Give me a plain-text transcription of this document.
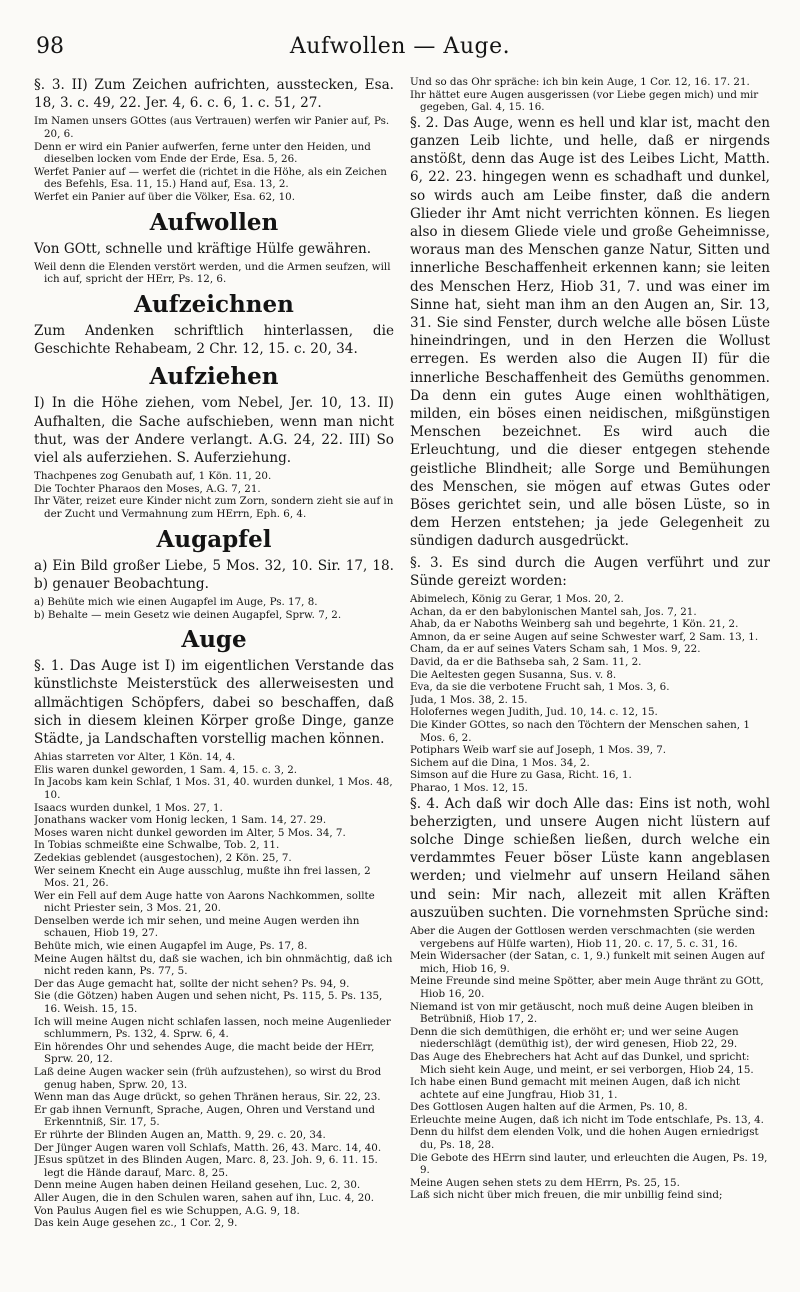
98	Aufwollen — Auge.

§. 3. II) Zum Zeichen aufrichten, ausstecken, Esa. 18, 3. c. 49, 22. Jer. 4, 6. c. 6, 1. c. 51, 27.

Im Namen unsers GOttes (aus Vertrauen) werfen wir Panier auf, Ps. 20, 6.

Denn er wird ein Panier aufwerfen, ferne unter den Heiden, und dieselben locken vom Ende der Erde, Esa. 5, 26.

Werfet Panier auf — werfet die (richtet in die Höhe, als ein Zeichen des Befehls, Esa. 11, 15.) Hand auf, Esa. 13, 2.

Werfet ein Panier auf über die Völker, Esa. 62, 10.

Aufwollen

Von GOtt, schnelle und kräftige Hülfe gewähren.

Weil denn die Elenden verstört werden, und die Armen seufzen, will ich auf, spricht der HErr, Ps. 12, 6.

Aufzeichnen

Zum Andenken schriftlich hinterlassen, die Geschichte Rehabeam, 2 Chr. 12, 15. c. 20, 34.

Aufziehen

I) In die Höhe ziehen, vom Nebel, Jer. 10, 13. II) Aufhalten, die Sache aufschieben, wenn man nicht thut, was der Andere verlangt. A.G. 24, 22. III) So viel als auferziehen. S. Auferziehung.

Thachpenes zog Genubath auf, 1 Kön. 11, 20.

Die Tochter Pharaos den Moses, A.G. 7, 21.

Ihr Väter, reizet eure Kinder nicht zum Zorn, sondern zieht sie auf in der Zucht und Vermahnung zum HErrn, Eph. 6, 4.

Augapfel

a) Ein Bild großer Liebe, 5 Mos. 32, 10. Sir. 17, 18. b) genauer Beobachtung.

a) Behüte mich wie einen Augapfel im Auge, Ps. 17, 8.

b) Behalte — mein Gesetz wie deinen Augapfel, Sprw. 7, 2.

Auge

§. 1. Das Auge ist I) im eigentlichen Verstande das künstlichste Meisterstück des allerweisesten und allmächtigen Schöpfers, dabei so beschaffen, daß sich in diesem kleinen Körper große Dinge, ganze Städte, ja Landschaften vorstellig machen können.

Ahias starreten vor Alter, 1 Kön. 14, 4.

Elis waren dunkel geworden, 1 Sam. 4, 15. c. 3, 2.

In Jacobs kam kein Schlaf, 1 Mos. 31, 40. wurden dunkel, 1 Mos. 48, 10.

Isaacs wurden dunkel, 1 Mos. 27, 1.

Jonathans wacker vom Honig lecken, 1 Sam. 14, 27. 29.

Moses waren nicht dunkel geworden im Alter, 5 Mos. 34, 7.

In Tobias schmeißte eine Schwalbe, Tob. 2, 11.

Zedekias geblendet (ausgestochen), 2 Kön. 25, 7.

Wer seinem Knecht ein Auge ausschlug, mußte ihn frei lassen, 2 Mos. 21, 26.

Wer ein Fell auf dem Auge hatte von Aarons Nachkommen, sollte nicht Priester sein, 3 Mos. 21, 20.

Denselben werde ich mir sehen, und meine Augen werden ihn schauen, Hiob 19, 27.

Behüte mich, wie einen Augapfel im Auge, Ps. 17, 8.

Meine Augen hältst du, daß sie wachen, ich bin ohnmächtig, daß ich nicht reden kann, Ps. 77, 5.

Der das Auge gemacht hat, sollte der nicht sehen? Ps. 94, 9.

Sie (die Götzen) haben Augen und sehen nicht, Ps. 115, 5. Ps. 135, 16. Weish. 15, 15.

Ich will meine Augen nicht schlafen lassen, noch meine Augenlieder schlummern, Ps. 132, 4. Sprw. 6, 4.

Ein hörendes Ohr und sehendes Auge, die macht beide der HErr, Sprw. 20, 12.

Laß deine Augen wacker sein (früh aufzustehen), so wirst du Brod genug haben, Sprw. 20, 13.

Wenn man das Auge drückt, so gehen Thränen heraus, Sir. 22, 23.

Er gab ihnen Vernunft, Sprache, Augen, Ohren und Verstand und Erkenntniß, Sir. 17, 5.

Er rührte der Blinden Augen an, Matth. 9, 29. c. 20, 34.

Der Jünger Augen waren voll Schlafs, Matth. 26, 43. Marc. 14, 40.

JEsus spützet in des Blinden Augen, Marc. 8, 23. Joh. 9, 6. 11. 15. legt die Hände darauf, Marc. 8, 25.

Denn meine Augen haben deinen Heiland gesehen, Luc. 2, 30.

Aller Augen, die in den Schulen waren, sahen auf ihn, Luc. 4, 20.

Von Paulus Augen fiel es wie Schuppen, A.G. 9, 18.

Das kein Auge gesehen zc., 1 Cor. 2, 9.

Und so das Ohr spräche: ich bin kein Auge, 1 Cor. 12, 16. 17. 21.

Ihr hättet eure Augen ausgerissen (vor Liebe gegen mich) und mir gegeben, Gal. 4, 15. 16.

§. 2. Das Auge, wenn es hell und klar ist, macht den ganzen Leib lichte, und helle, daß er nirgends anstößt, denn das Auge ist des Leibes Licht, Matth. 6, 22. 23. hingegen wenn es schadhaft und dunkel, so wirds auch am Leibe finster, daß die andern Glieder ihr Amt nicht verrichten können. Es liegen also in diesem Gliede viele und große Geheimnisse, woraus man des Menschen ganze Natur, Sitten und innerliche Beschaffenheit erkennen kann; sie leiten des Menschen Herz, Hiob 31, 7. und was einer im Sinne hat, sieht man ihm an den Augen an, Sir. 13, 31. Sie sind Fenster, durch welche alle bösen Lüste hineindringen, und in den Herzen die Wollust erregen. Es werden also die Augen II) für die innerliche Beschaffenheit des Gemüths genommen. Da denn ein gutes Auge einen wohlthätigen, milden, ein böses einen neidischen, mißgünstigen Menschen bezeichnet. Es wird auch die Erleuchtung, und die dieser entgegen stehende geistliche Blindheit; alle Sorge und Bemühungen des Menschen, sie mögen auf etwas Gutes oder Böses gerichtet sein, und alle bösen Lüste, so in dem Herzen entstehen; ja jede Gelegenheit zu sündigen dadurch ausgedrückt.

§. 3. Es sind durch die Augen verführt und zur Sünde gereizt worden:

Abimelech, König zu Gerar, 1 Mos. 20, 2.

Achan, da er den babylonischen Mantel sah, Jos. 7, 21.

Ahab, da er Naboths Weinberg sah und begehrte, 1 Kön. 21, 2.

Amnon, da er seine Augen auf seine Schwester warf, 2 Sam. 13, 1.

Cham, da er auf seines Vaters Scham sah, 1 Mos. 9, 22.

David, da er die Bathseba sah, 2 Sam. 11, 2.

Die Aeltesten gegen Susanna, Sus. v. 8.

Eva, da sie die verbotene Frucht sah, 1 Mos. 3, 6.

Juda, 1 Mos. 38, 2. 15.

Holofernes wegen Judith, Jud. 10, 14. c. 12, 15.

Die Kinder GOttes, so nach den Töchtern der Menschen sahen, 1 Mos. 6, 2.

Potiphars Weib warf sie auf Joseph, 1 Mos. 39, 7.

Sichem auf die Dina, 1 Mos. 34, 2.

Simson auf die Hure zu Gasa, Richt. 16, 1.

Pharao, 1 Mos. 12, 15.

§. 4. Ach daß wir doch Alle das: Eins ist noth, wohl beherzigten, und unsere Augen nicht lüstern auf solche Dinge schießen ließen, durch welche ein verdammtes Feuer böser Lüste kann angeblasen werden; und vielmehr auf unsern Heiland sähen und sein: Mir nach, allezeit mit allen Kräften auszuüben suchten. Die vornehmsten Sprüche sind:

Aber die Augen der Gottlosen werden verschmachten (sie werden vergebens auf Hülfe warten), Hiob 11, 20. c. 17, 5. c. 31, 16.

Mein Widersacher (der Satan, c. 1, 9.) funkelt mit seinen Augen auf mich, Hiob 16, 9.

Meine Freunde sind meine Spötter, aber mein Auge thränt zu GOtt, Hiob 16, 20.

Niemand ist von mir getäuscht, noch muß deine Augen bleiben in Betrübniß, Hiob 17, 2.

Denn die sich demüthigen, die erhöht er; und wer seine Augen niederschlägt (demüthig ist), der wird genesen, Hiob 22, 29.

Das Auge des Ehebrechers hat Acht auf das Dunkel, und spricht: Mich sieht kein Auge, und meint, er sei verborgen, Hiob 24, 15.

Ich habe einen Bund gemacht mit meinen Augen, daß ich nicht achtete auf eine Jungfrau, Hiob 31, 1.

Des Gottlosen Augen halten auf die Armen, Ps. 10, 8.

Erleuchte meine Augen, daß ich nicht im Tode entschlafe, Ps. 13, 4.

Denn du hilfst dem elenden Volk, und die hohen Augen erniedrigst du, Ps. 18, 28.

Die Gebote des HErrn sind lauter, und erleuchten die Augen, Ps. 19, 9.

Meine Augen sehen stets zu dem HErrn, Ps. 25, 15.

Laß sich nicht über mich freuen, die mir unbillig feind sind;
